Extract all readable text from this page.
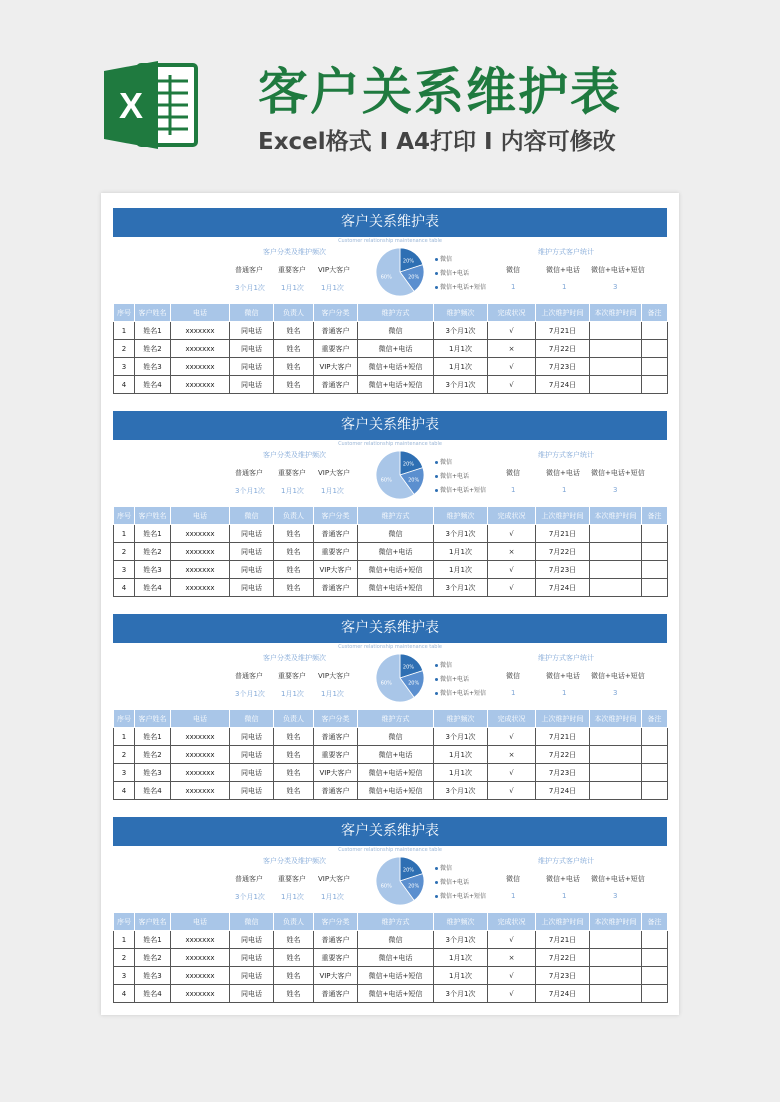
X 客户关系维护表
Excel格式 I A4打印 I 内容可修改
客户关系维护表
Customer relationship maintenance table
客户分类及维护频次	维护方式客户统计
普通客户 重要客户 VIP大客户
3个月1次 1月1次 1月1次
20%
20%
60%
微信
微信+电话
微信+电话+短信
微信	微信+电话 微信+电话+短信
1	1	3
序号	客户姓名	电话	微信	负责人	客户分类	维护方式	维护频次	完成状况	上次维护时间	本次维护时间	备注
1	姓名1	xxxxxxx	同电话	姓名	普通客户	微信	3个月1次	√	7月21日		
2	姓名2	xxxxxxx	同电话	姓名	重要客户	微信+电话	1月1次	×	7月22日		
3	姓名3	xxxxxxx	同电话	姓名	VIP大客户	微信+电话+短信	1月1次	√	7月23日		
4	姓名4	xxxxxxx	同电话	姓名	普通客户	微信+电话+短信	3个月1次	√	7月24日		
客户关系维护表
Customer relationship maintenance table
客户分类及维护频次	维护方式客户统计
普通客户 重要客户 VIP大客户
3个月1次 1月1次 1月1次
20%
20%
60%
微信
微信+电话
微信+电话+短信
微信	微信+电话 微信+电话+短信
1	1	3
序号	客户姓名	电话	微信	负责人	客户分类	维护方式	维护频次	完成状况	上次维护时间	本次维护时间	备注
1	姓名1	xxxxxxx	同电话	姓名	普通客户	微信	3个月1次	√	7月21日		
2	姓名2	xxxxxxx	同电话	姓名	重要客户	微信+电话	1月1次	×	7月22日		
3	姓名3	xxxxxxx	同电话	姓名	VIP大客户	微信+电话+短信	1月1次	√	7月23日		
4	姓名4	xxxxxxx	同电话	姓名	普通客户	微信+电话+短信	3个月1次	√	7月24日		
客户关系维护表
Customer relationship maintenance table
客户分类及维护频次	维护方式客户统计
普通客户 重要客户 VIP大客户
3个月1次 1月1次 1月1次
20%
20%
60%
微信
微信+电话
微信+电话+短信
微信	微信+电话 微信+电话+短信
1	1	3
序号	客户姓名	电话	微信	负责人	客户分类	维护方式	维护频次	完成状况	上次维护时间	本次维护时间	备注
1	姓名1	xxxxxxx	同电话	姓名	普通客户	微信	3个月1次	√	7月21日		
2	姓名2	xxxxxxx	同电话	姓名	重要客户	微信+电话	1月1次	×	7月22日		
3	姓名3	xxxxxxx	同电话	姓名	VIP大客户	微信+电话+短信	1月1次	√	7月23日		
4	姓名4	xxxxxxx	同电话	姓名	普通客户	微信+电话+短信	3个月1次	√	7月24日		
客户关系维护表
Customer relationship maintenance table
客户分类及维护频次	维护方式客户统计
普通客户 重要客户 VIP大客户
3个月1次 1月1次 1月1次
20%
20%
60%
微信
微信+电话
微信+电话+短信
微信	微信+电话 微信+电话+短信
1	1	3
序号	客户姓名	电话	微信	负责人	客户分类	维护方式	维护频次	完成状况	上次维护时间	本次维护时间	备注
1	姓名1	xxxxxxx	同电话	姓名	普通客户	微信	3个月1次	√	7月21日		
2	姓名2	xxxxxxx	同电话	姓名	重要客户	微信+电话	1月1次	×	7月22日		
3	姓名3	xxxxxxx	同电话	姓名	VIP大客户	微信+电话+短信	1月1次	√	7月23日		
4	姓名4	xxxxxxx	同电话	姓名	普通客户	微信+电话+短信	3个月1次	√	7月24日		
